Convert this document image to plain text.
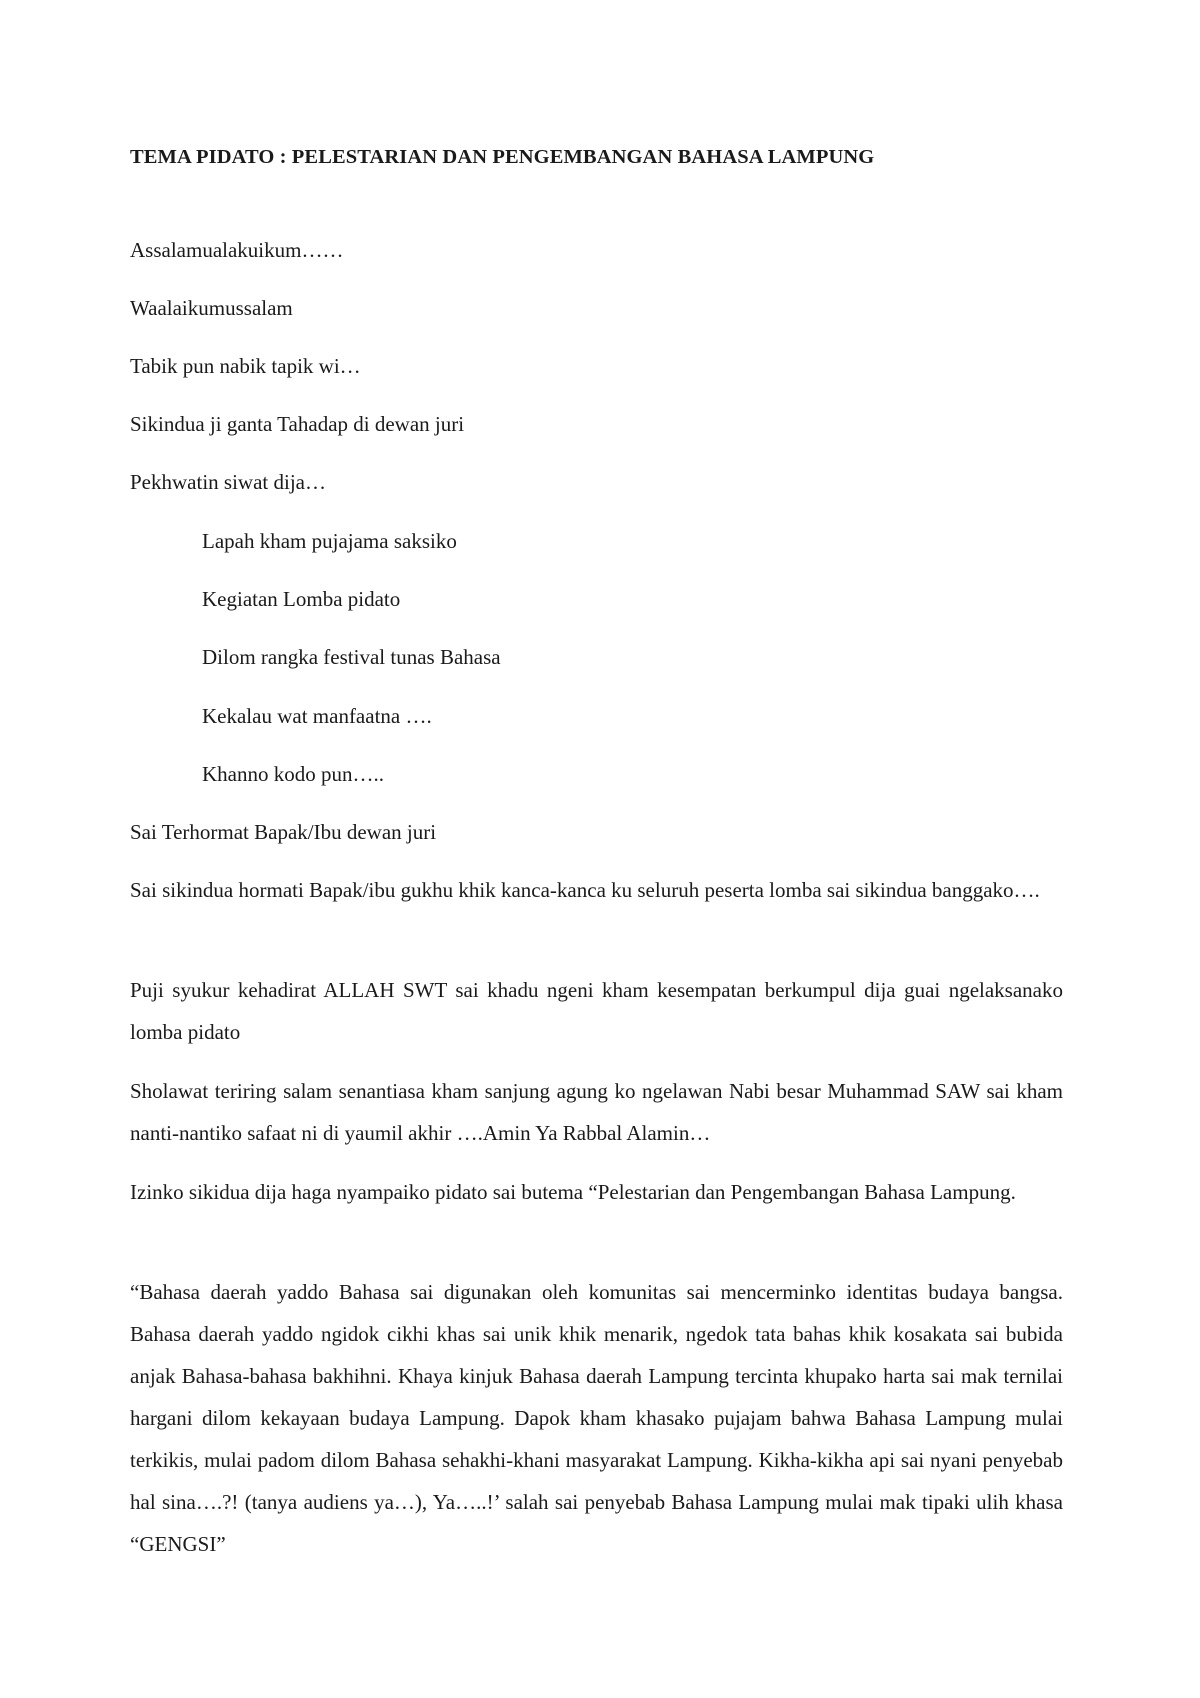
TEMA PIDATO : PELESTARIAN DAN PENGEMBANGAN BAHASA LAMPUNG
Assalamualakuikum……
Waalaikumussalam
Tabik pun nabik tapik wi…
Sikindua ji ganta Tahadap di dewan juri
Pekhwatin siwat dija…
Lapah kham pujajama saksiko
Kegiatan Lomba pidato
Dilom rangka festival tunas Bahasa
Kekalau wat manfaatna ….
Khanno kodo pun…..
Sai Terhormat Bapak/Ibu dewan juri
Sai sikindua hormati Bapak/ibu gukhu khik kanca-kanca ku seluruh peserta lomba sai sikindua banggako….
Puji syukur kehadirat ALLAH SWT sai khadu ngeni kham kesempatan berkumpul dija guai ngelaksanako lomba pidato
Sholawat teriring salam senantiasa kham sanjung agung ko ngelawan Nabi besar Muhammad SAW sai kham nanti-nantiko safaat ni di yaumil akhir ….Amin Ya Rabbal Alamin…
Izinko sikidua dija haga nyampaiko pidato sai butema “Pelestarian dan Pengembangan Bahasa Lampung.
“Bahasa daerah yaddo Bahasa sai digunakan oleh komunitas sai mencerminko identitas budaya bangsa. Bahasa daerah yaddo ngidok cikhi khas sai unik khik menarik, ngedok tata bahas khik kosakata sai bubida anjak Bahasa-bahasa bakhihni. Khaya kinjuk Bahasa daerah Lampung tercinta khupako harta sai mak ternilai hargani dilom kekayaan budaya Lampung. Dapok kham khasako pujajam bahwa Bahasa Lampung mulai terkikis, mulai padom dilom Bahasa sehakhi-khani masyarakat Lampung. Kikha-kikha api sai nyani penyebab hal sina….?! (tanya audiens ya…), Ya…..!’ salah sai penyebab Bahasa Lampung mulai mak tipaki ulih khasa “GENGSI”
